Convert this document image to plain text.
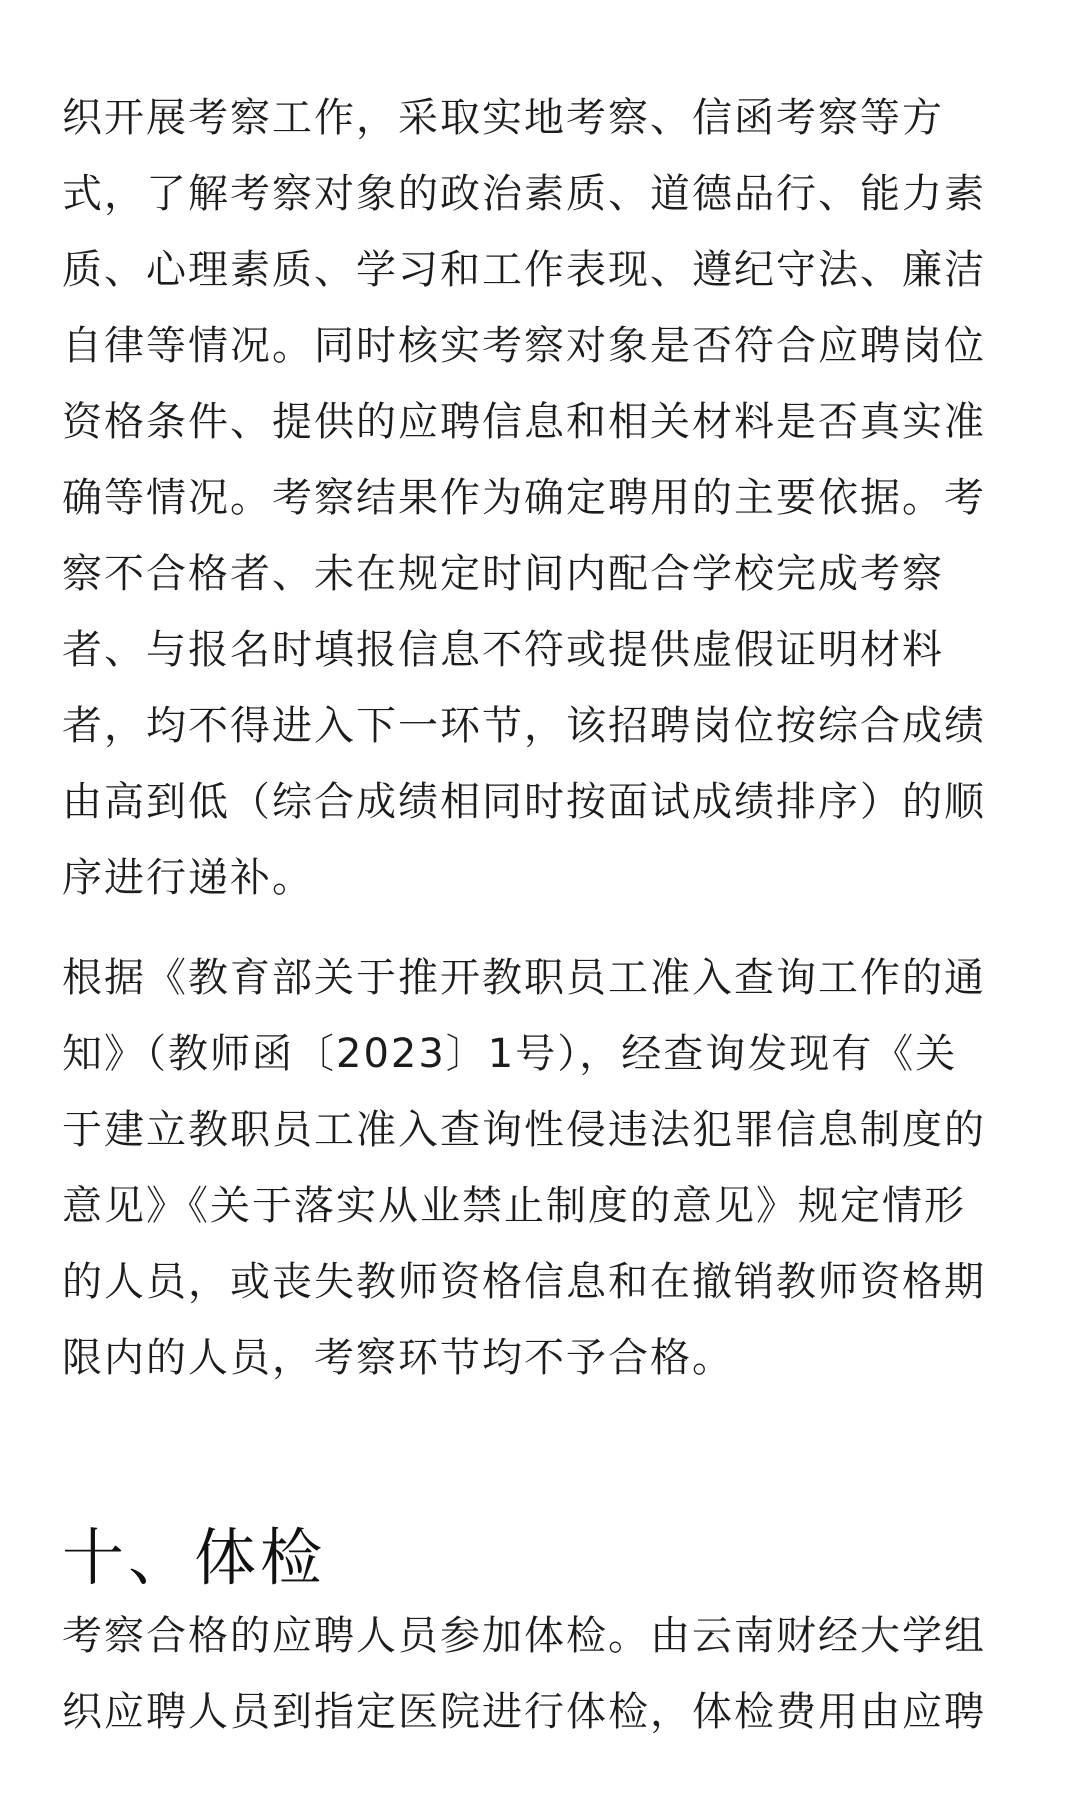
织开展考察工作，采取实地考察、信函考察等方
式，了解考察对象的政治素质、道德品行、能力素
质、心理素质、学习和工作表现、遵纪守法、廉洁
自律等情况。同时核实考察对象是否符合应聘岗位
资格条件、提供的应聘信息和相关材料是否真实准
确等情况。考察结果作为确定聘用的主要依据。考
察不合格者、未在规定时间内配合学校完成考察
者、与报名时填报信息不符或提供虚假证明材料
者，均不得进入下一环节，该招聘岗位按综合成绩
由高到低（综合成绩相同时按面试成绩排序）的顺
序进行递补。
根据《教育部关于推开教职员工准入查询工作的通
知》（教师函〔2023〕1号），经查询发现有《关
于建立教职员工准入查询性侵违法犯罪信息制度的
意见》《关于落实从业禁止制度的意见》规定情形
的人员，或丧失教师资格信息和在撤销教师资格期
限内的人员，考察环节均不予合格。
十、体检
考察合格的应聘人员参加体检。由云南财经大学组
织应聘人员到指定医院进行体检，体检费用由应聘
